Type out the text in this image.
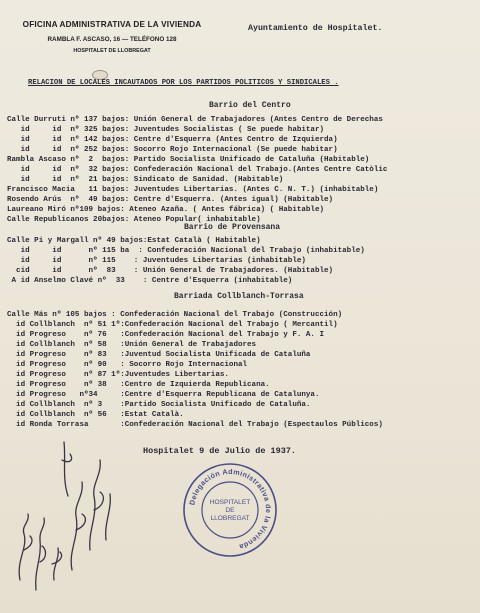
OFICINA ADMINISTRATIVA DE LA VIVIENDA
RAMBLA F. ASCASO, 16 — TELÉFONO 128
HOSPITALET DE LLOBREGAT
Ayuntamiento de Hospitalet.
RELACION DE LOCALES INCAUTADOS POR LOS PARTIDOS POLITICOS Y SINDICALES .
Barrio del Centro
Calle Durruti nº 137 bajos: Unión General de Trabajadores (Antes Centro de Derechas
id     id  nº 325 bajos: Juventudes Socialistas ( Se puede habitar)
id     id  nº 142 bajos: Centre d'Esquerra (Antes Centro de Izquierda)
id     id  nº 252 bajos: Socorro Rojo Internacional (Se puede habitar)
Rambla Ascaso nº  2  bajos: Partido Socialista Unificado de Cataluña (Habitable)
id     id  nº  32 bajos: Confederación Nacional del Trabajo.(Antes Centre Catòlic
id     id  nº  21 bajos: Sindicato de Sanidad. (Habitable)
Francisco Macia   11 bajos: Juventudes Libertarias. (Antes C. N. T.) (inhabitable)
Rosendo Arús  nº  49 bajos: Centre d'Esquerra. (Antes igual) (Habitable)
Laureano Miró nº109 bajos: Ateneo Azaña. ( Antes fábrica) ( Habitable)
Calle Republicanos 20bajos: Ateneo Popular( inhabitable)
Barrio de Provensana
Calle Pi y Margall nº 49 bajos:Estat Català ( Habitable)
id     id      nº 115 ba  : Confederación Nacional del Trabajo (inhabitable)
id     id      nº 115    : Juventudes Libertarias (inhabitable)
cid     id      nº  83    : Unión General de Trabajadores. (Habitable)
A id Anselmo Clavé nº  33    : Centre d'Esquerra (inhabitable)
Barriada Collblanch-Torrasa
Calle Más nº 105 bajos : Confederación Nacional del Trabajo (Construcción)
id Collblanch  nº 51 1º:Confederación Nacional del Trabajo ( Mercantil)
id Progreso    nº 76   :Confederación Nacional del Trabajo y F. A. I
id Collblanch  nº 58   :Unión General de Trabajadores
id Progreso    nº 83   :Juventud Socialista Unificada de Cataluña
id Progreso    nº 90   : Socorro Rojo Internacional
id Progreso    nº 87 1º:Juventudes Libertarias.
id Progreso    nº 38   :Centro de Izquierda Republicana.
id Progreso   nº34     :Centre d'Esquerra Republicana de Catalunya.
id Collblanch  nº 3    :Partido Socialista Unificado de Cataluña.
id Collblanch  nº 56   :Estat Català.
id Ronda Torrasa       :Confederación Nacional del Trabajo (Espectaulos Públicos)
Hospitalet 9 de Julio de 1937.
Delegación Administrativa de la Vivienda
HOSPITALET
DE
LLOBREGAT
